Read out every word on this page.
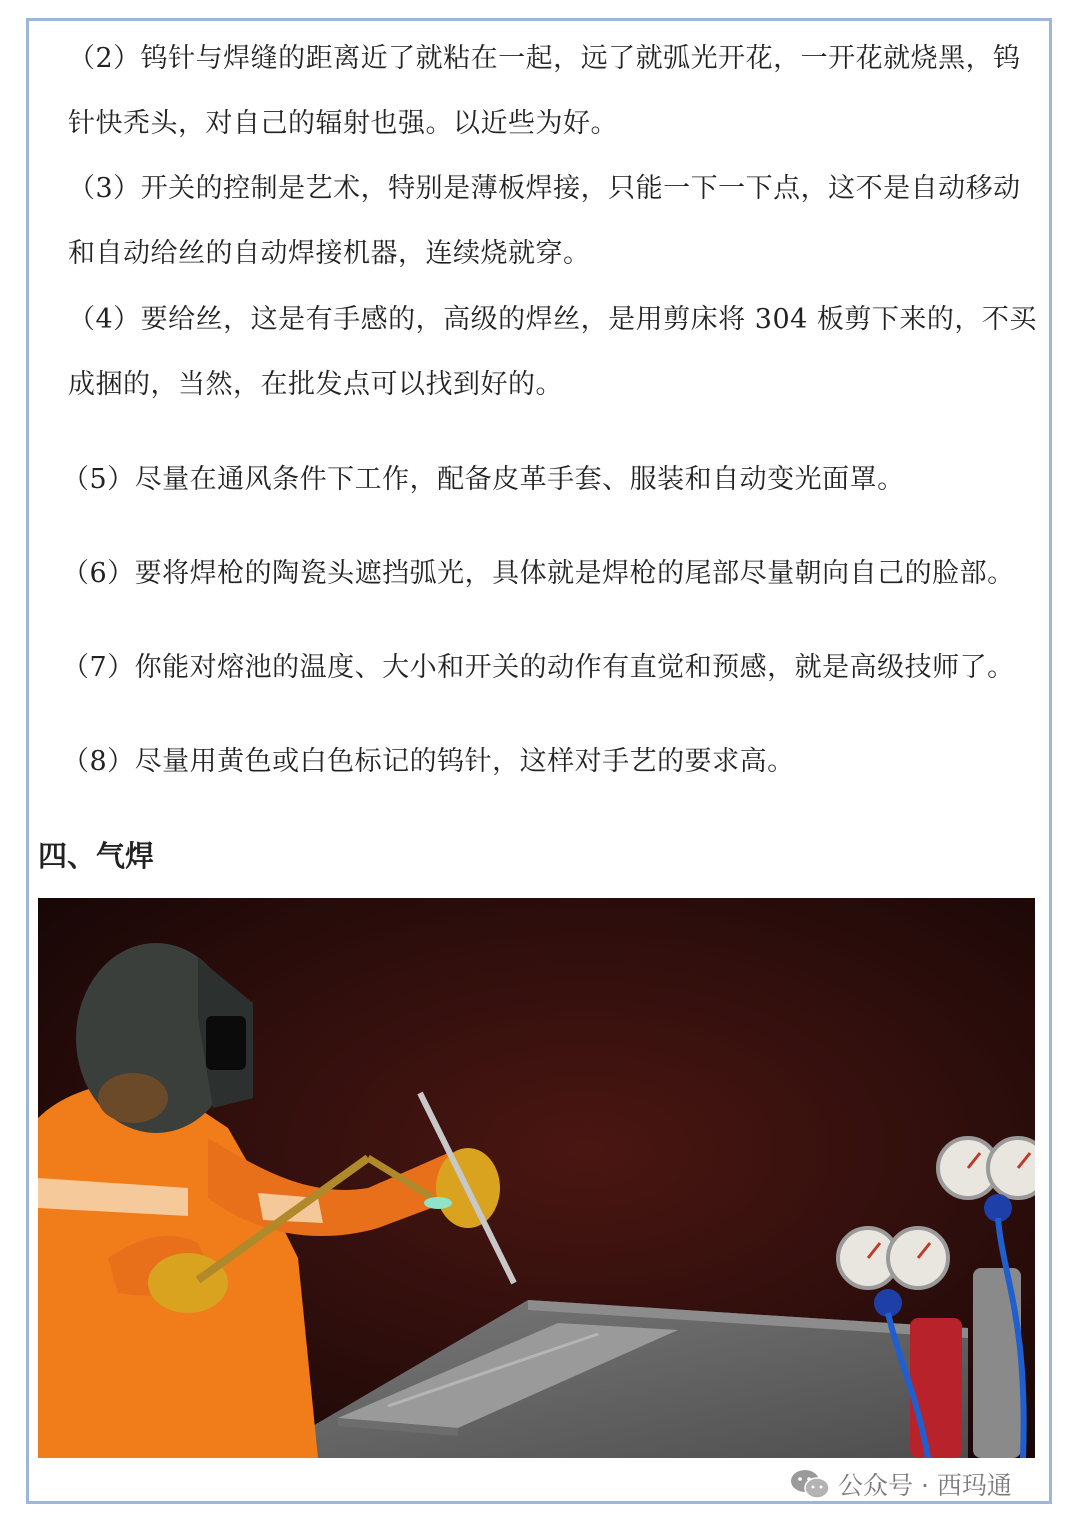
（2）钨针与焊缝的距离近了就粘在一起，远了就弧光开花，一开花就烧黑，钨针快秃头，对自己的辐射也强。以近些为好。

（3）开关的控制是艺术，特别是薄板焊接，只能一下一下点，这不是自动移动和自动给丝的自动焊接机器，连续烧就穿。

（4）要给丝，这是有手感的，高级的焊丝，是用剪床将 304 板剪下来的，不买成捆的，当然，在批发点可以找到好的。

（5）尽量在通风条件下工作，配备皮革手套、服装和自动变光面罩。

（6）要将焊枪的陶瓷头遮挡弧光，具体就是焊枪的尾部尽量朝向自己的脸部。

（7）你能对熔池的温度、大小和开关的动作有直觉和预感，就是高级技师了。

（8）尽量用黄色或白色标记的钨针，这样对手艺的要求高。

四、气焊
公众号 · 西玛通
